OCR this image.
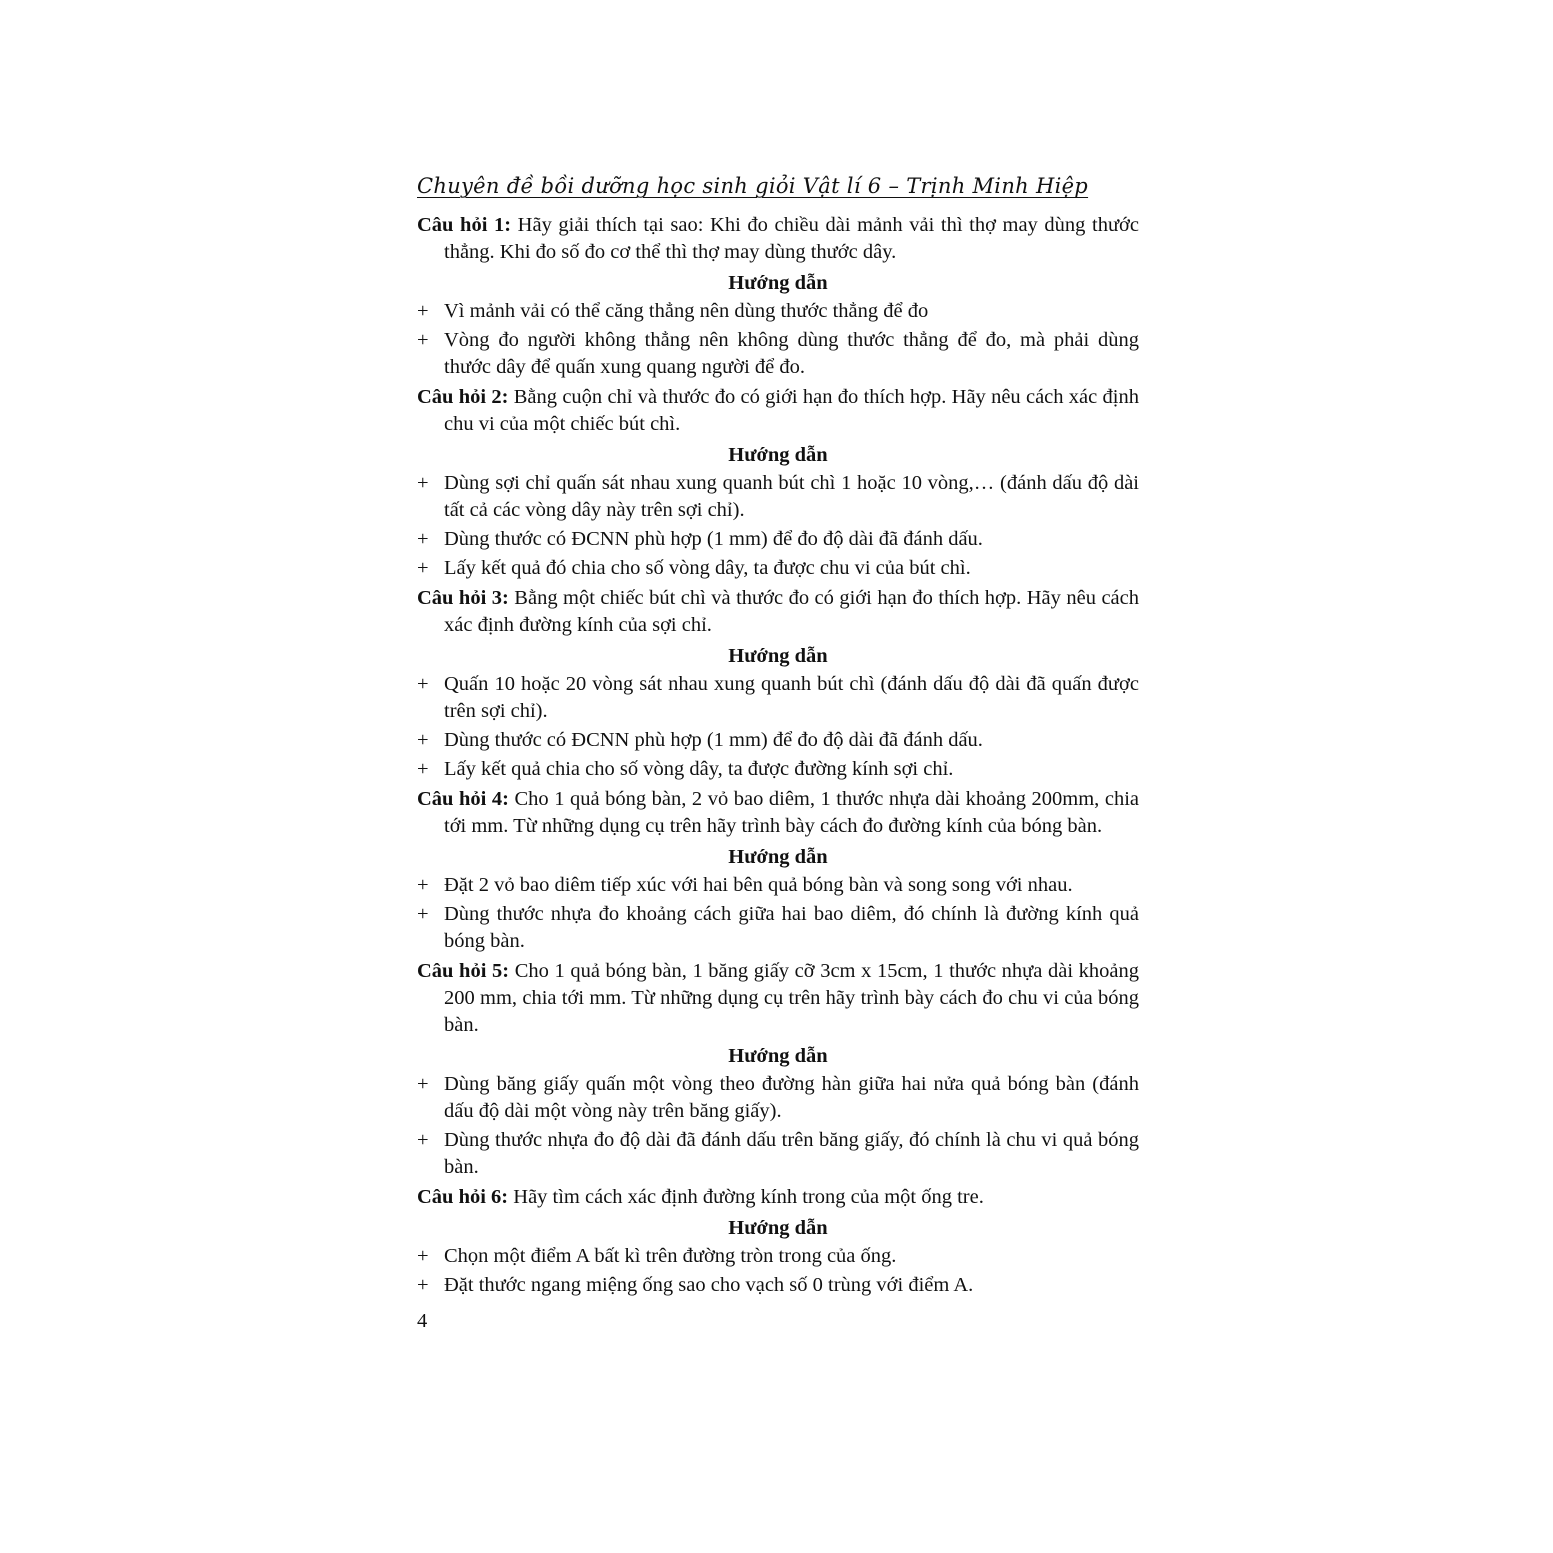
Chuyên đề bồi dưỡng học sinh giỏi Vật lí 6 – Trịnh Minh Hiệp
Câu hỏi 1: Hãy giải thích tại sao: Khi đo chiều dài mảnh vải thì thợ may dùng thước thẳng. Khi đo số đo cơ thể thì thợ may dùng thước dây.
Hướng dẫn
+ Vì mảnh vải có thể căng thẳng nên dùng thước thẳng để đo
+ Vòng đo người không thẳng nên không dùng thước thẳng để đo, mà phải dùng thước dây để quấn xung quang người để đo.
Câu hỏi 2: Bằng cuộn chỉ và thước đo có giới hạn đo thích hợp. Hãy nêu cách xác định chu vi của một chiếc bút chì.
Hướng dẫn
+ Dùng sợi chỉ quấn sát nhau xung quanh bút chì 1 hoặc 10 vòng,… (đánh dấu độ dài tất cả các vòng dây này trên sợi chỉ).
+ Dùng thước có ĐCNN phù hợp (1 mm) để đo độ dài đã đánh dấu.
+ Lấy kết quả đó chia cho số vòng dây, ta được chu vi của bút chì.
Câu hỏi 3: Bằng một chiếc bút chì và thước đo có giới hạn đo thích hợp. Hãy nêu cách xác định đường kính của sợi chỉ.
Hướng dẫn
+ Quấn 10 hoặc 20 vòng sát nhau xung quanh bút chì (đánh dấu độ dài đã quấn được trên sợi chỉ).
+ Dùng thước có ĐCNN phù hợp (1 mm) để đo độ dài đã đánh dấu.
+ Lấy kết quả chia cho số vòng dây, ta được đường kính sợi chỉ.
Câu hỏi 4: Cho 1 quả bóng bàn, 2 vỏ bao diêm, 1 thước nhựa dài khoảng 200mm, chia tới mm. Từ những dụng cụ trên hãy trình bày cách đo đường kính của bóng bàn.
Hướng dẫn
+ Đặt 2 vỏ bao diêm tiếp xúc với hai bên quả bóng bàn và song song với nhau.
+ Dùng thước nhựa đo khoảng cách giữa hai bao diêm, đó chính là đường kính quả bóng bàn.
Câu hỏi 5: Cho 1 quả bóng bàn, 1 băng giấy cỡ 3cm x 15cm, 1 thước nhựa dài khoảng 200 mm, chia tới mm. Từ những dụng cụ trên hãy trình bày cách đo chu vi của bóng bàn.
Hướng dẫn
+ Dùng băng giấy quấn một vòng theo đường hàn giữa hai nửa quả bóng bàn (đánh dấu độ dài một vòng này trên băng giấy).
+ Dùng thước nhựa đo độ dài đã đánh dấu trên băng giấy, đó chính là chu vi quả bóng bàn.
Câu hỏi 6: Hãy tìm cách xác định đường kính trong của một ống tre.
Hướng dẫn
+ Chọn một điểm A bất kì trên đường tròn trong của ống.
+ Đặt thước ngang miệng ống sao cho vạch số 0 trùng với điểm A.
4
